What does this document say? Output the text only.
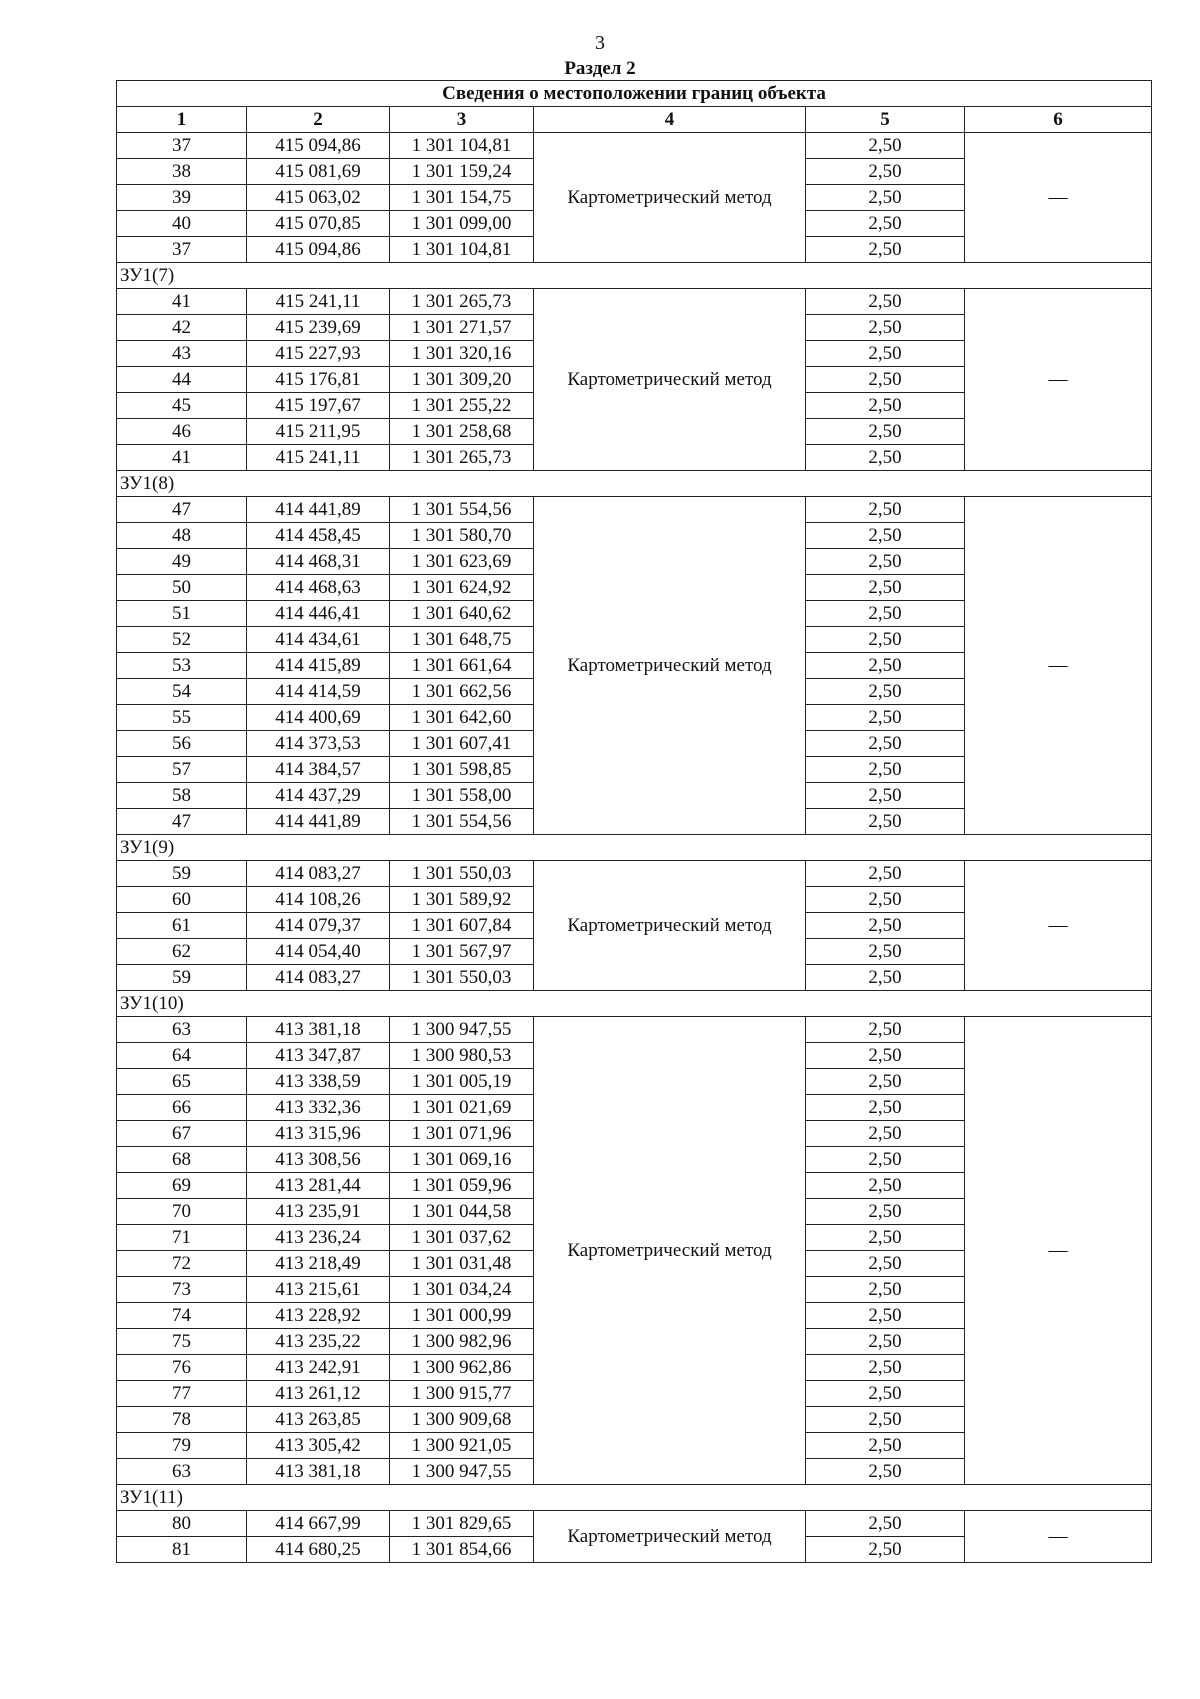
3
Раздел 2
Сведения о местоположении границ объекта					
1	2	3	4	5	6
37	415 094,86	1 301 104,81	Картометрический метод	2,50	—
38	415 081,69	1 301 159,24		2,50	
39	415 063,02	1 301 154,75		2,50	
40	415 070,85	1 301 099,00		2,50	
37	415 094,86	1 301 104,81		2,50	
ЗУ1(7)					
41	415 241,11	1 301 265,73	Картометрический метод	2,50	—
42	415 239,69	1 301 271,57		2,50	
43	415 227,93	1 301 320,16		2,50	
44	415 176,81	1 301 309,20		2,50	
45	415 197,67	1 301 255,22		2,50	
46	415 211,95	1 301 258,68		2,50	
41	415 241,11	1 301 265,73		2,50	
ЗУ1(8)					
47	414 441,89	1 301 554,56	Картометрический метод	2,50	—
48	414 458,45	1 301 580,70		2,50	
49	414 468,31	1 301 623,69		2,50	
50	414 468,63	1 301 624,92		2,50	
51	414 446,41	1 301 640,62		2,50	
52	414 434,61	1 301 648,75		2,50	
53	414 415,89	1 301 661,64		2,50	
54	414 414,59	1 301 662,56		2,50	
55	414 400,69	1 301 642,60		2,50	
56	414 373,53	1 301 607,41		2,50	
57	414 384,57	1 301 598,85		2,50	
58	414 437,29	1 301 558,00		2,50	
47	414 441,89	1 301 554,56		2,50	
ЗУ1(9)					
59	414 083,27	1 301 550,03	Картометрический метод	2,50	—
60	414 108,26	1 301 589,92		2,50	
61	414 079,37	1 301 607,84		2,50	
62	414 054,40	1 301 567,97		2,50	
59	414 083,27	1 301 550,03		2,50	
ЗУ1(10)					
63	413 381,18	1 300 947,55	Картометрический метод	2,50	—
64	413 347,87	1 300 980,53		2,50	
65	413 338,59	1 301 005,19		2,50	
66	413 332,36	1 301 021,69		2,50	
67	413 315,96	1 301 071,96		2,50	
68	413 308,56	1 301 069,16		2,50	
69	413 281,44	1 301 059,96		2,50	
70	413 235,91	1 301 044,58		2,50	
71	413 236,24	1 301 037,62		2,50	
72	413 218,49	1 301 031,48		2,50	
73	413 215,61	1 301 034,24		2,50	
74	413 228,92	1 301 000,99		2,50	
75	413 235,22	1 300 982,96		2,50	
76	413 242,91	1 300 962,86		2,50	
77	413 261,12	1 300 915,77		2,50	
78	413 263,85	1 300 909,68		2,50	
79	413 305,42	1 300 921,05		2,50	
63	413 381,18	1 300 947,55		2,50	
ЗУ1(11)					
80	414 667,99	1 301 829,65	Картометрический метод	2,50	—
81	414 680,25	1 301 854,66		2,50	
